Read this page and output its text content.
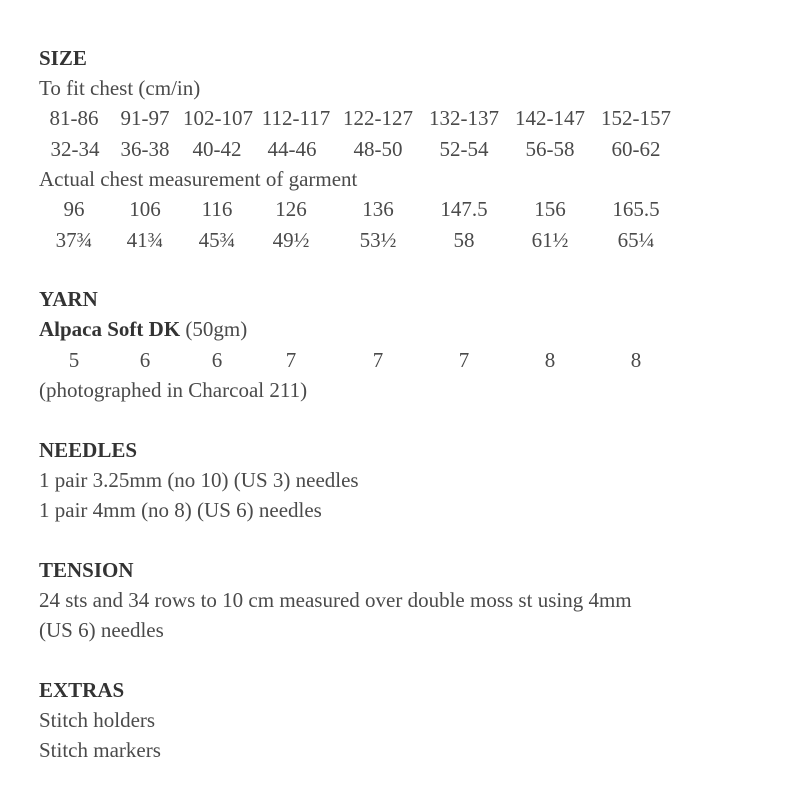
SIZE
To fit chest (cm/in)
81-86 91-97 102-107 112-117 122-127 132-137 142-147 152-157
32-34 36-38 40-42 44-46 48-50 52-54 56-58 60-62
Actual chest measurement of garment
96 106 116 126	136 147.5 156 165.5
37¾ 41¾ 45¾ 49½ 53½	58	61½ 65¼
YARN
Alpaca Soft DK (50gm)
5	6	6	7	7	7	8	8
(photographed in Charcoal 211)
NEEDLES
1 pair 3.25mm (no 10) (US 3) needles
1 pair 4mm (no 8) (US 6) needles
TENSION
24 sts and 34 rows to 10 cm measured over double moss st using 4mm
(US 6) needles
EXTRAS
Stitch holders
Stitch markers
